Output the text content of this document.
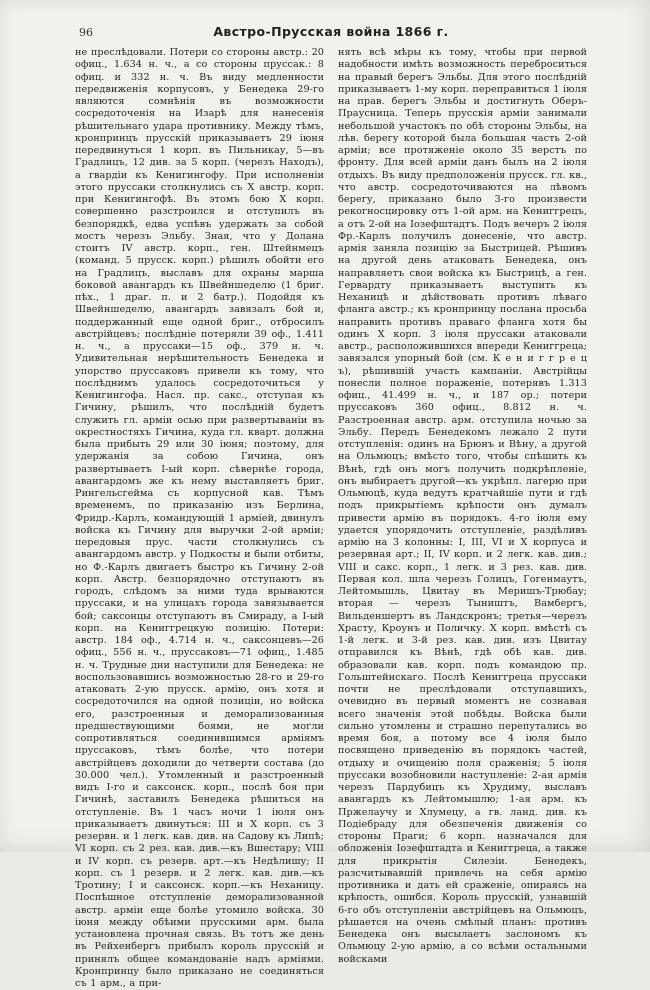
96	Австро-Прусская война 1866 г.
не преслѣдовали. Потери со стороны австр.: 20 офиц., 1.634 н. ч., а со стороны пруссак.: 8 офиц. и 332 н. ч. Въ виду медленности передвиженія корпусовъ, у Бенедека 29-го являются сомнѣнія въ возможности сосредоточенія на Изарѣ для нанесенія рѣшительнаго удара противнику. Между тѣмъ, кронпринцъ прусскій приказываетъ 29 іюня передвинуться 1 корп. въ Пильникау, 5—въ Градлицъ, 12 див. за 5 корп. (черезъ Находъ), а гвардіи къ Кенигингофу. При исполненіи этого пруссаки столкнулись съ X австр. корп. при Кенигингофѣ. Въ этомъ бою X корп. совершенно разстроился и отступилъ въ безпорядкѣ, едва успѣвъ удержать за собой мостъ черезъ Эльбу. Зная, что у Долана стоитъ IV австр. корп., ген. Штейнмецъ (команд. 5 прусск. корп.) рѣшилъ обойти его на Градлицъ, выславъ для охраны марша боковой авангардъ къ Швейншеделю (1 бриг. пѣх., 1 драг. п. и 2 батр.). Подойдя къ Швейншеделю, авангардъ завязалъ бой и, поддержанный еще одной бриг., отбросилъ австрійцевъ; послѣдніе потеряли 39 оф., 1.411 н. ч., а пруссаки—15 оф., 379 н. ч. Удивительная нерѣшительность Бенедека и упорство пруссаковъ привели къ тому, что послѣднимъ удалось сосредоточиться у Кенигингофа. Насл. пр. сакс., отступая къ Гичину, рѣшилъ, что послѣдній будетъ служить гл. арміи осью при развертываніи въ окрестностяхъ Гичина, куда гл. кварт. должна была прибыть 29 или 30 іюня; поэтому, для удержанія за собою Гичина, онъ развертываетъ I-ый корп. сѣвернѣе города, авангардомъ же къ нему выставляетъ бриг. Рингельсгейма съ корпусной кав. Тѣмъ временемъ, по приказанію изъ Берлина, Фридр.-Карлъ, командующій 1 арміей, двинулъ войска къ Гичину для выручки 2-ой арміи; передовыя прус. части столкнулись съ авангардомъ австр. у Подкосты и были отбиты, но Ф.-Карлъ двигаетъ быстро къ Гичину 2-ой корп. Австр. безпорядочно отступаютъ въ городъ, слѣдомъ за ними туда врываются пруссаки, и на улицахъ города завязывается бой; саксонцы отступаютъ въ Смираду, а I-ый корп. на Кениггрецкую позицію. Потери: австр. 184 оф., 4.714 н. ч., саксонцевъ—26 офиц., 556 н. ч., пруссаковъ—71 офиц., 1.485 н. ч. Трудные дни наступили для Бенедека: не воспользовавшись возможностью 28-го и 29-го атаковать 2-ую прусск. армію, онъ хотя и сосредоточился на одной позиціи, но войска его, разстроенныя и деморализованныя предшествующими боями, не могли сопротивляться соединившимся арміямъ пруссаковъ, тѣмъ болѣе, что потери австрійцевъ доходили до четверти состава (до 30.000 чел.). Утомленный и разстроенный видъ I-го и саксонск. корп., послѣ боя при Гичинѣ, заставилъ Бенедека рѣшиться на отступленіе. Въ 1 часъ ночи 1 іюля онъ приказываетъ двинуться: III и X корп. съ 3 резервн. и 1 легк. кав. див. на Садову къ Липѣ; VI корп. съ 2 рез. кав. див.—къ Вшестару; VIII и IV корп. съ резерв. арт.—къ Недѣлишу; II корп. съ 1 резерв. и 2 легк. кав. див.—къ Тротину; I и саксонск. корп.—къ Неханицу. Поспѣшное отступленіе деморализованной австр. арміи еще болѣе утомило войска. 30 іюня между обѣими прусскими арм. была установлена прочная связь. Въ тотъ же день въ Рейхенбергъ прибылъ король прусскій и принялъ общее командованіе надъ арміями. Кронпринцу было приказано не соединяться съ 1 арм., а при-
нять всѣ мѣры къ тому, чтобы при первой надобности имѣть возможность переброситься на правый берегъ Эльбы. Для этого послѣдній приказываетъ 1-му корп. переправиться 1 іюля на прав. берегъ Эльбы и достигнуть Оберъ-Праусница. Теперь прусскія арміи занимали небольшой участокъ по обѣ стороны Эльбы, на лѣв. берегу которой была большая часть 2-ой арміи; все протяженіе около 35 верстъ по фронту. Для всей арміи данъ былъ на 2 іюля отдыхъ. Въ виду предположенія прусск. гл. кв., что австр. сосредоточиваются на лѣвомъ берегу, приказано было 3-го произвести рекогносцировку отъ 1-ой арм. на Кениггрецъ, а отъ 2-ой на Іозефштадтъ. Подъ вечеръ 2 іюля Фр.-Карлъ получилъ донесеніе, что австр. армія заняла позицію за Быстрицей. Рѣшивъ на другой день атаковать Бенедека, онъ направляетъ свои войска къ Быстрицѣ, а ген. Гервардту приказываетъ выступить къ Неханицѣ и дѣйствовать противъ лѣваго фланга австр.; къ кронпринцу послана просьба направить противъ праваго фланга хотя бы одинъ X корп. 3 іюля пруссаки атаковали австр., расположившихся впереди Кениггреца; завязался упорный бой (см. К е н и г г р е ц ъ), рѣшившій участь кампаніи. Австрійцы понесли полное пораженіе, потерявъ 1.313 офиц., 41.499 н. ч., и 187 ор.; потери пруссаковъ 360 офиц., 8.812 н. ч. Разстроенная австр. арм. отступила ночью за Эльбу. Передъ Бенедекомъ лежало 2 пути отступленія: одинъ на Брюнъ и Вѣну, а другой на Ольмюцъ; вмѣсто того, чтобы спѣшить къ Вѣнѣ, гдѣ онъ могъ получить подкрѣпленіе, онъ выбираетъ другой—къ укрѣпл. лагерю при Ольмюцѣ, куда ведутъ кратчайшіе пути и гдѣ подъ прикрытіемъ крѣпости онъ думалъ привести армію въ порядокъ. 4-го іюля ему удается упорядочить отступленіе, раздѣливъ армію на 3 колонны: I, III, VI и X корпуса и резервная арт.; II, IV корп. и 2 легк. кав. див.; VIII и сакс. корп., 1 легк. и 3 рез. кав. див. Первая кол. шла черезъ Голицъ, Гогенмаутъ, Лейтомышль, Цвитау въ Меришъ-Трюбау; вторая — черезъ Тыништъ, Вамбергъ, Вильденшертъ въ Ландскронъ; третья—черезъ Храсту, Кроунъ и Поличку. X корп. вмѣстѣ съ 1-й легк. и 3-й рез. кав. див. изъ Цвитау отправился къ Вѣнѣ, гдѣ обѣ кав. див. образовали кав. корп. подъ командою пр. Гольштейнскаго. Послѣ Кениггреца пруссаки почти не преслѣдовали отступавшихъ, очевидно въ первый моментъ не сознавая всего значенія этой побѣды. Войска были сильно утомлены и страшно перепутались во время боя, а потому все 4 іюля было посвящено приведенію въ порядокъ частей, отдыху и очищенію поля сраженія; 5 іюля пруссаки возобновили наступленіе: 2-ая армія черезъ Пардубицъ къ Хрудиму, выславъ авангардъ къ Лейтомышлю; 1-ая арм. къ Пржелаучу и Хлумецу, а гв. ланд. див. къ Подіебраду для обезпеченія движенія со стороны Праги; 6 корп. назначался для обложенія Іозефштадта и Кениггреца, а также для прикрытія Силезіи. Бенедекъ, разсчитывавшій привлечь на себя армію противника и дать ей сраженіе, опираясь на крѣпость, ошибся. Король прусскій, узнавшій 6-го объ отступленіи австрійцевъ на Ольмюцъ, рѣшается на очень смѣлый планъ: противъ Бенедека онъ высылаетъ заслономъ къ Ольмюцу 2-ую армію, а со всѣми остальными войсками
